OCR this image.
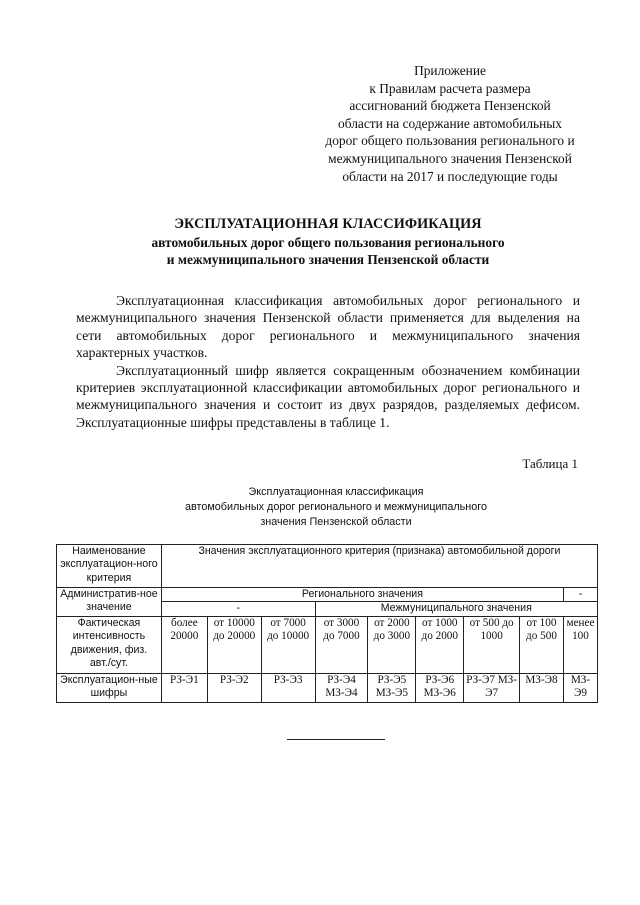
Приложение
к Правилам расчета размера
ассигнований бюджета Пензенской
области на содержание автомобильных
дорог общего пользования регионального и
межмуниципального значения Пензенской
области на 2017 и последующие годы
ЭКСПЛУАТАЦИОННАЯ КЛАССИФИКАЦИЯ
автомобильных дорог общего пользования регионального
и межмуниципального значения Пензенской области

Эксплуатационная классификация автомобильных дорог регионального и межмуниципального значения Пензенской области применяется для выделения на сети автомобильных дорог регионального и межмуниципального значения характерных участков.

Эксплуатационный шифр является сокращенным обозначением комбинации критериев эксплуатационной классификации автомобильных дорог регионального и межмуниципального значения и состоит из двух разрядов, разделяемых дефисом. Эксплуатационные шифры представлены в таблице 1.

Таблица 1
Эксплуатационная классификация
автомобильных дорог регионального и межмуниципального
значения Пензенской области
Наименование эксплуатацион-ного критерия	Значения эксплуатационного критерия (признака) автомобильной дороги								
Административ-ное значение	Регионального значения								-
	-			Межмуниципального значения					
Фактическая интенсивность движения, физ. авт./сут.	более 20000	от 10000 до 20000	от 7000 до 10000	от 3000 до 7000	от 2000 до 3000	от 1000 до 2000	от 500 до 1000	от 100 до 500	менее 100
Эксплуатацион-ные шифры	РЗ-Э1	РЗ-Э2	РЗ-Э3	РЗ-Э4 МЗ-Э4	РЗ-Э5 МЗ-Э5	РЗ-Э6 МЗ-Э6	РЗ-Э7 МЗ-Э7	МЗ-Э8	МЗ-Э9
